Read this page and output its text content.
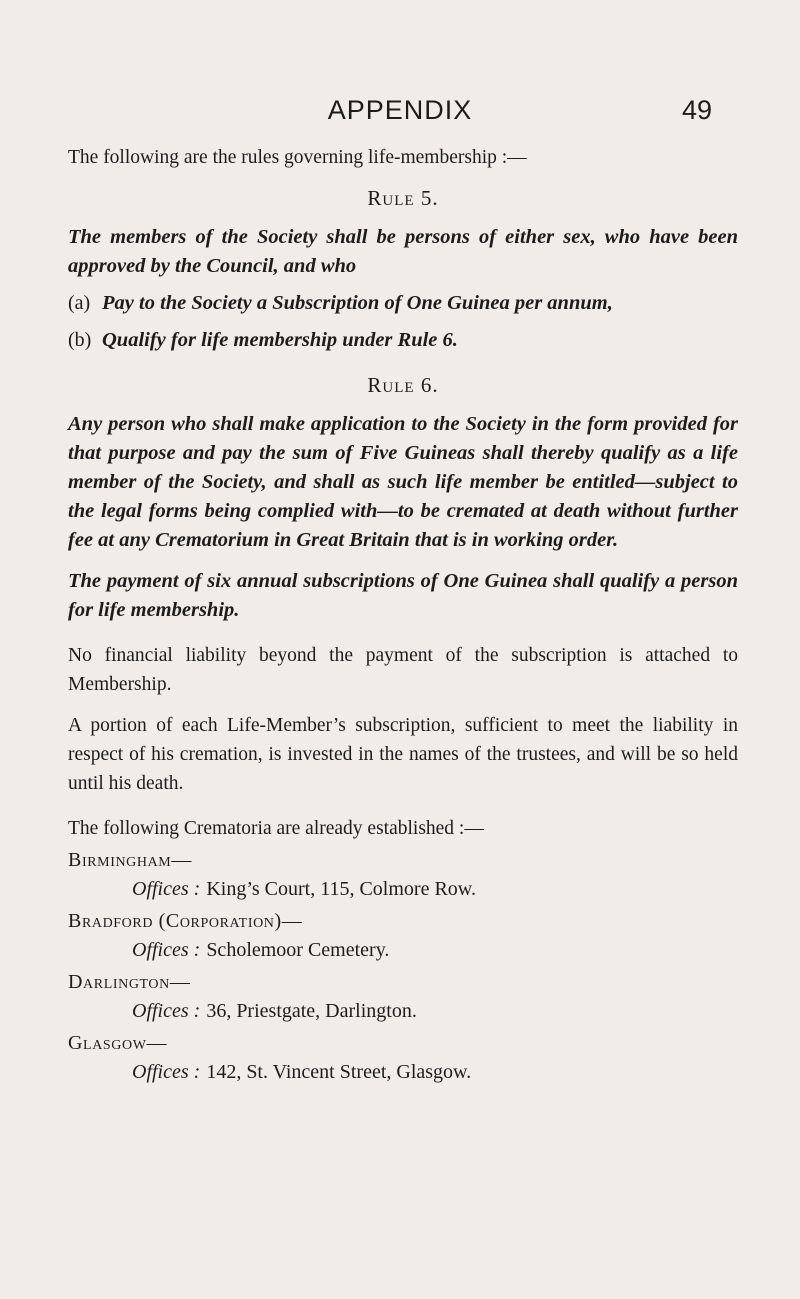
APPENDIX	49

The following are the rules governing life-membership :—

Rule 5.

The members of the Society shall be persons of either sex, who have been approved by the Council, and who

(a) Pay to the Society a Subscription of One Guinea per annum,
(b) Qualify for life membership under Rule 6.
Rule 6.

Any person who shall make application to the Society in the form provided for that purpose and pay the sum of Five Guineas shall thereby qualify as a life member of the Society, and shall as such life member be entitled—subject to the legal forms being complied with—to be cremated at death without further fee at any Crematorium in Great Britain that is in working order.

The payment of six annual subscriptions of One Guinea shall qualify a person for life membership.

No financial liability beyond the payment of the subscription is attached to Membership.

A portion of each Life-Member’s subscription, sufficient to meet the liability in respect of his cremation, is invested in the names of the trustees, and will be so held until his death.

The following Crematoria are already established :—

Birmingham—
Offices : King’s Court, 115, Colmore Row.
Bradford (Corporation)—
Offices : Scholemoor Cemetery.
Darlington—
Offices : 36, Priestgate, Darlington.
Glasgow—
Offices : 142, St. Vincent Street, Glasgow.
